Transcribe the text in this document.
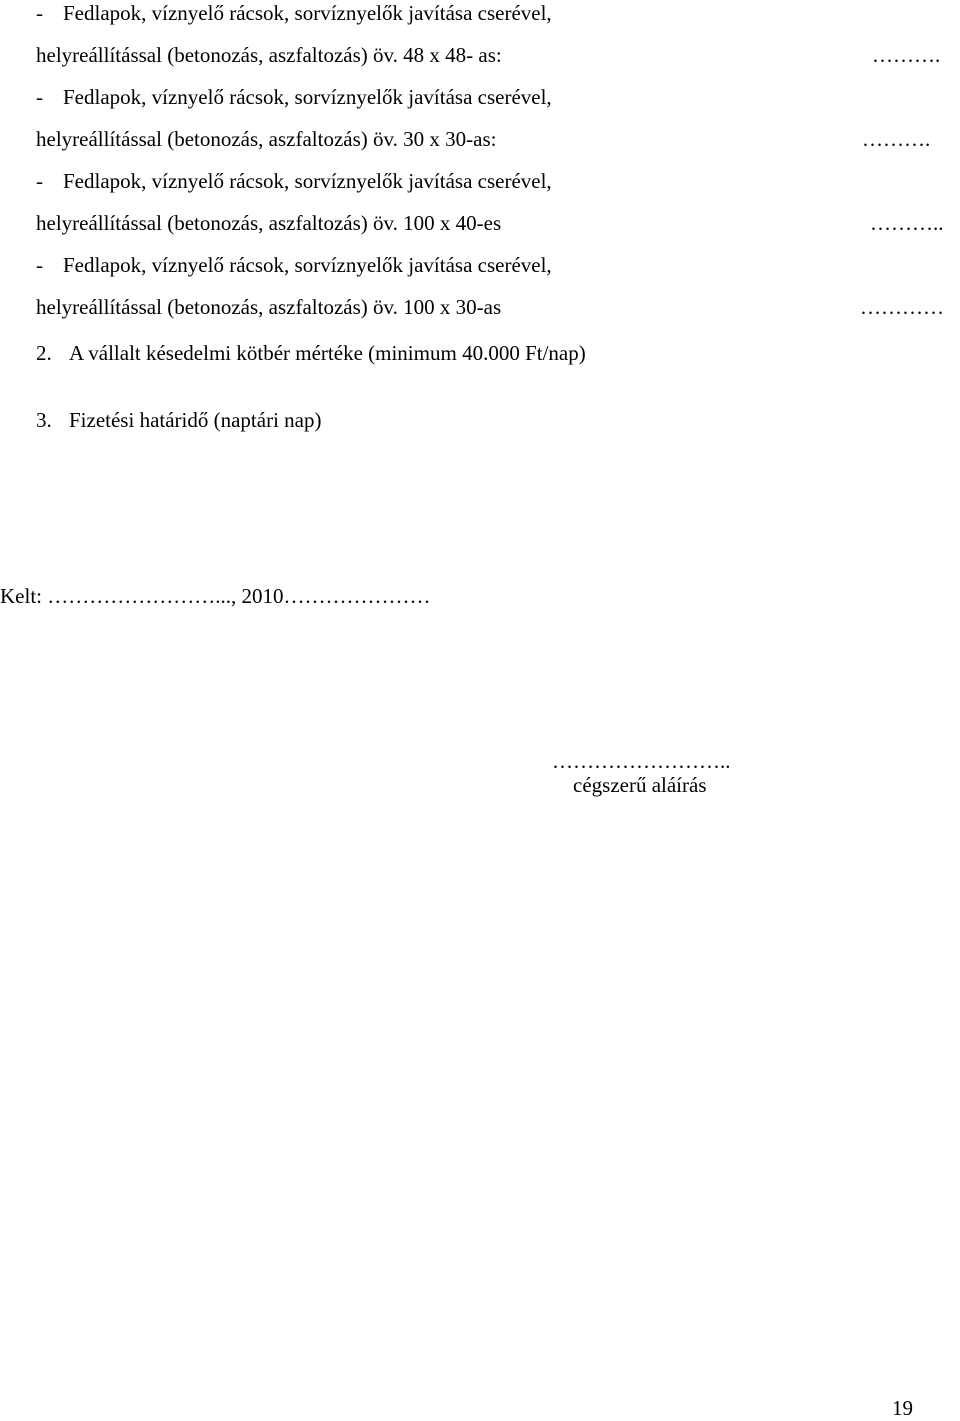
- Fedlapok, víznyelő rácsok, sorvíznyelők javítása cserével,
helyreállítással (betonozás, aszfaltozás) öv. 48 x 48- as:	……….
- Fedlapok, víznyelő rácsok, sorvíznyelők javítása cserével,
helyreállítással (betonozás, aszfaltozás) öv. 30 x 30-as:	……….
- Fedlapok, víznyelő rácsok, sorvíznyelők javítása cserével,
helyreállítással (betonozás, aszfaltozás) öv. 100 x 40-es	………..
- Fedlapok, víznyelő rácsok, sorvíznyelők javítása cserével,
helyreállítással (betonozás, aszfaltozás) öv. 100 x 30-as	…………
2. A vállalt késedelmi kötbér mértéke (minimum 40.000 Ft/nap)
3. Fizetési határidő (naptári nap)
Kelt: ……………………..., 2010…………………
……………………..
cégszerű aláírás
19
